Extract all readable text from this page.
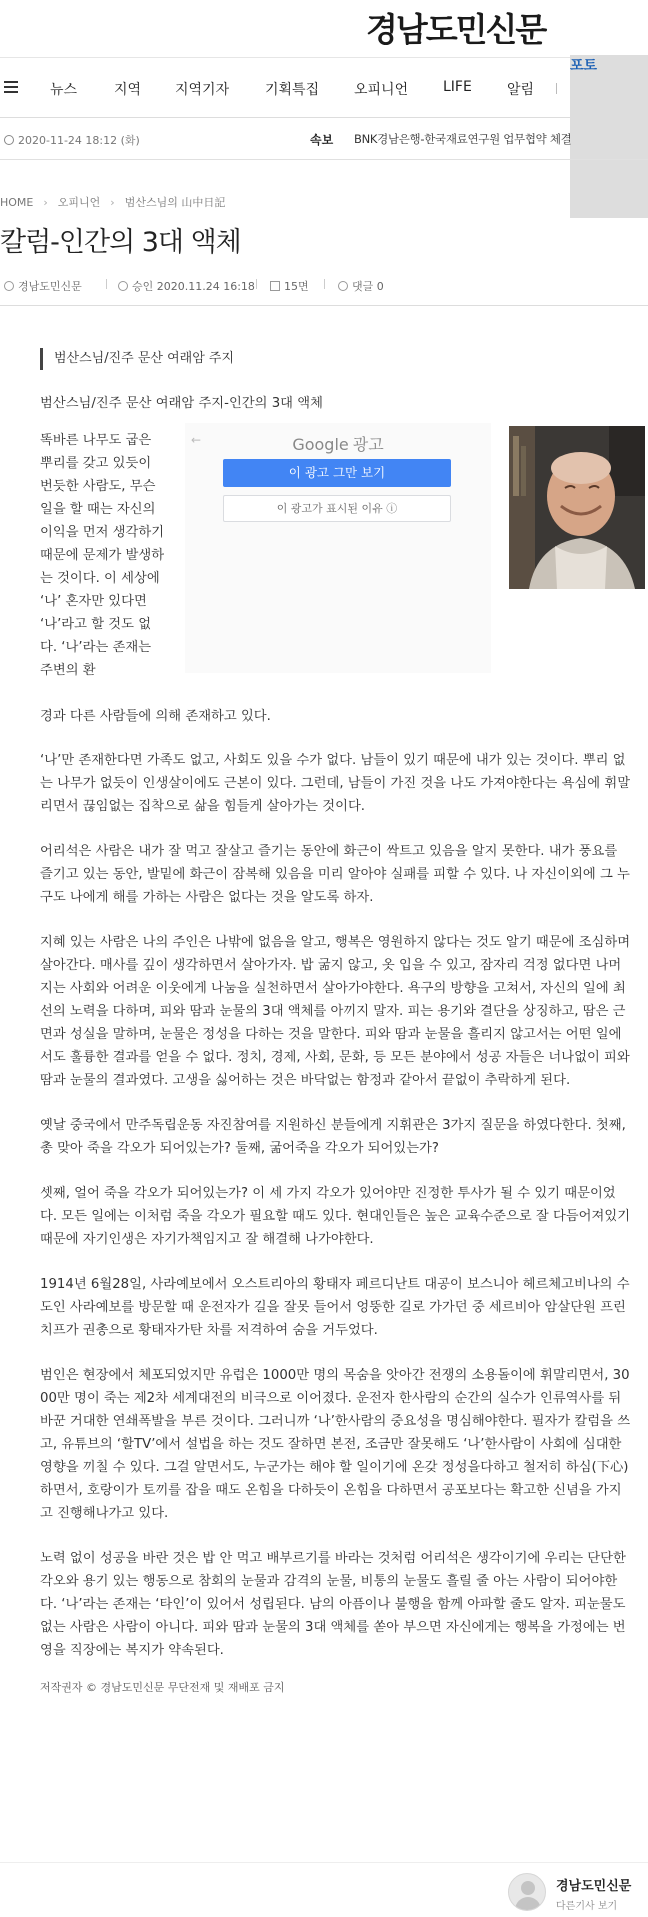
경남도민신문
뉴스	지역 지역기자	기획특집 오피니언 LIFE	알림
포토
2020-11-24 18:12 (화)	속보 BNK경남은행-한국재료연구원 업무협약 체결
HOME › 오피니언 › 범산스님의 山中日記
칼럼-인간의 3대 액체
경남도민신문	승인 2020.11.24 16:18	15면	댓글 0
범산스님/진주 문산 여래암 주지

범산스님/진주 문산 여래암 주지-인간의 3대 액체

똑바른 나무도 굽은 뿌리를 갖고 있듯이 번듯한 사람도, 무슨 일을 할 때는 자신의 이익을 먼저 생각하기 때문에 문제가 발생하는 것이다. 이 세상에 ‘나’ 혼자만 있다면 ‘나’라고 할 것도 없다. ‘나’라는 존재는 주변의 환
←	Google 광고
이 광고 그만 보기
이 광고가 표시된 이유 ⓘ
경과 다른 사람들에 의해 존재하고 있다.

‘나’만 존재한다면 가족도 없고, 사회도 있을 수가 없다. 남들이 있기 때문에 내가 있는 것이다. 뿌리 없는 나무가 없듯이 인생살이에도 근본이 있다. 그런데, 남들이 가진 것을 나도 가져야한다는 욕심에 휘말리면서 끊임없는 집착으로 삶을 힘들게 살아가는 것이다.

어리석은 사람은 내가 잘 먹고 잘살고 즐기는 동안에 화근이 싹트고 있음을 알지 못한다. 내가 풍요를 즐기고 있는 동안, 발밑에 화근이 잠복해 있음을 미리 알아야 실패를 피할 수 있다. 나 자신이외에 그 누구도 나에게 해를 가하는 사람은 없다는 것을 알도록 하자.

지혜 있는 사람은 나의 주인은 나밖에 없음을 알고, 행복은 영원하지 않다는 것도 알기 때문에 조심하며 살아간다. 매사를 깊이 생각하면서 살아가자. 밥 굶지 않고, 옷 입을 수 있고, 잠자리 걱정 없다면 나머지는 사회와 어려운 이웃에게 나눔을 실천하면서 살아가야한다. 욕구의 방향을 고쳐서, 자신의 일에 최선의 노력을 다하며, 피와 땀과 눈물의 3대 액체를 아끼지 말자. 피는 용기와 결단을 상징하고, 땀은 근면과 성실을 말하며, 눈물은 정성을 다하는 것을 말한다. 피와 땀과 눈물을 흘리지 않고서는 어떤 일에서도 훌륭한 결과를 얻을 수 없다. 정치, 경제, 사회, 문화, 등 모든 분야에서 성공 자들은 너나없이 피와 땀과 눈물의 결과였다. 고생을 싫어하는 것은 바닥없는 함정과 같아서 끝없이 추락하게 된다.

옛날 중국에서 만주독립운동 자진참여를 지원하신 분들에게 지휘관은 3가지 질문을 하였다한다. 첫째, 총 맞아 죽을 각오가 되어있는가? 둘째, 굶어죽을 각오가 되어있는가?

셋째, 얼어 죽을 각오가 되어있는가? 이 세 가지 각오가 있어야만 진정한 투사가 될 수 있기 때문이었다. 모든 일에는 이처럼 죽을 각오가 필요할 때도 있다. 현대인들은 높은 교육수준으로 잘 다듬어져있기 때문에 자기인생은 자기가책임지고 잘 해결해 나가야한다.

1914년 6월28일, 사라예보에서 오스트리아의 황태자 페르디난트 대공이 보스니아 헤르체고비나의 수도인 사라예보를 방문할 때 운전자가 길을 잘못 들어서 엉뚱한 길로 가가던 중 세르비아 암살단원 프린치프가 권총으로 황태자가탄 차를 저격하여 숨을 거두었다.

범인은 현장에서 체포되었지만 유럽은 1000만 명의 목숨을 앗아간 전쟁의 소용돌이에 휘말리면서, 3000만 명이 죽는 제2차 세계대전의 비극으로 이어졌다. 운전자 한사람의 순간의 실수가 인류역사를 뒤바꾼 거대한 연쇄폭발을 부른 것이다. 그러니까 ‘나’한사람의 중요성을 명심해야한다. 필자가 칼럼을 쓰고, 유튜브의 ‘할TV’에서 설법을 하는 것도 잘하면 본전, 조금만 잘못해도 ‘나’한사람이 사회에 심대한 영향을 끼칠 수 있다. 그걸 알면서도, 누군가는 해야 할 일이기에 온갖 정성을다하고 철저히 하심(下心)하면서, 호랑이가 토끼를 잡을 때도 온힘을 다하듯이 온힘을 다하면서 공포보다는 확고한 신념을 가지고 진행해나가고 있다.

노력 없이 성공을 바란 것은 밥 안 먹고 배부르기를 바라는 것처럼 어리석은 생각이기에 우리는 단단한 각오와 용기 있는 행동으로 참회의 눈물과 감격의 눈물, 비통의 눈물도 흘릴 줄 아는 사람이 되어야한다. ‘나’라는 존재는 ‘타인’이 있어서 성립된다. 남의 아픔이나 불행을 함께 아파할 줄도 알자. 피눈물도 없는 사람은 사람이 아니다. 피와 땀과 눈물의 3대 액체를 쏟아 부으면 자신에게는 행복을 가정에는 번영을 직장에는 복지가 약속된다.

저작권자 © 경남도민신문 무단전재 및 재배포 금지
경남도민신문
다른기사 보기
